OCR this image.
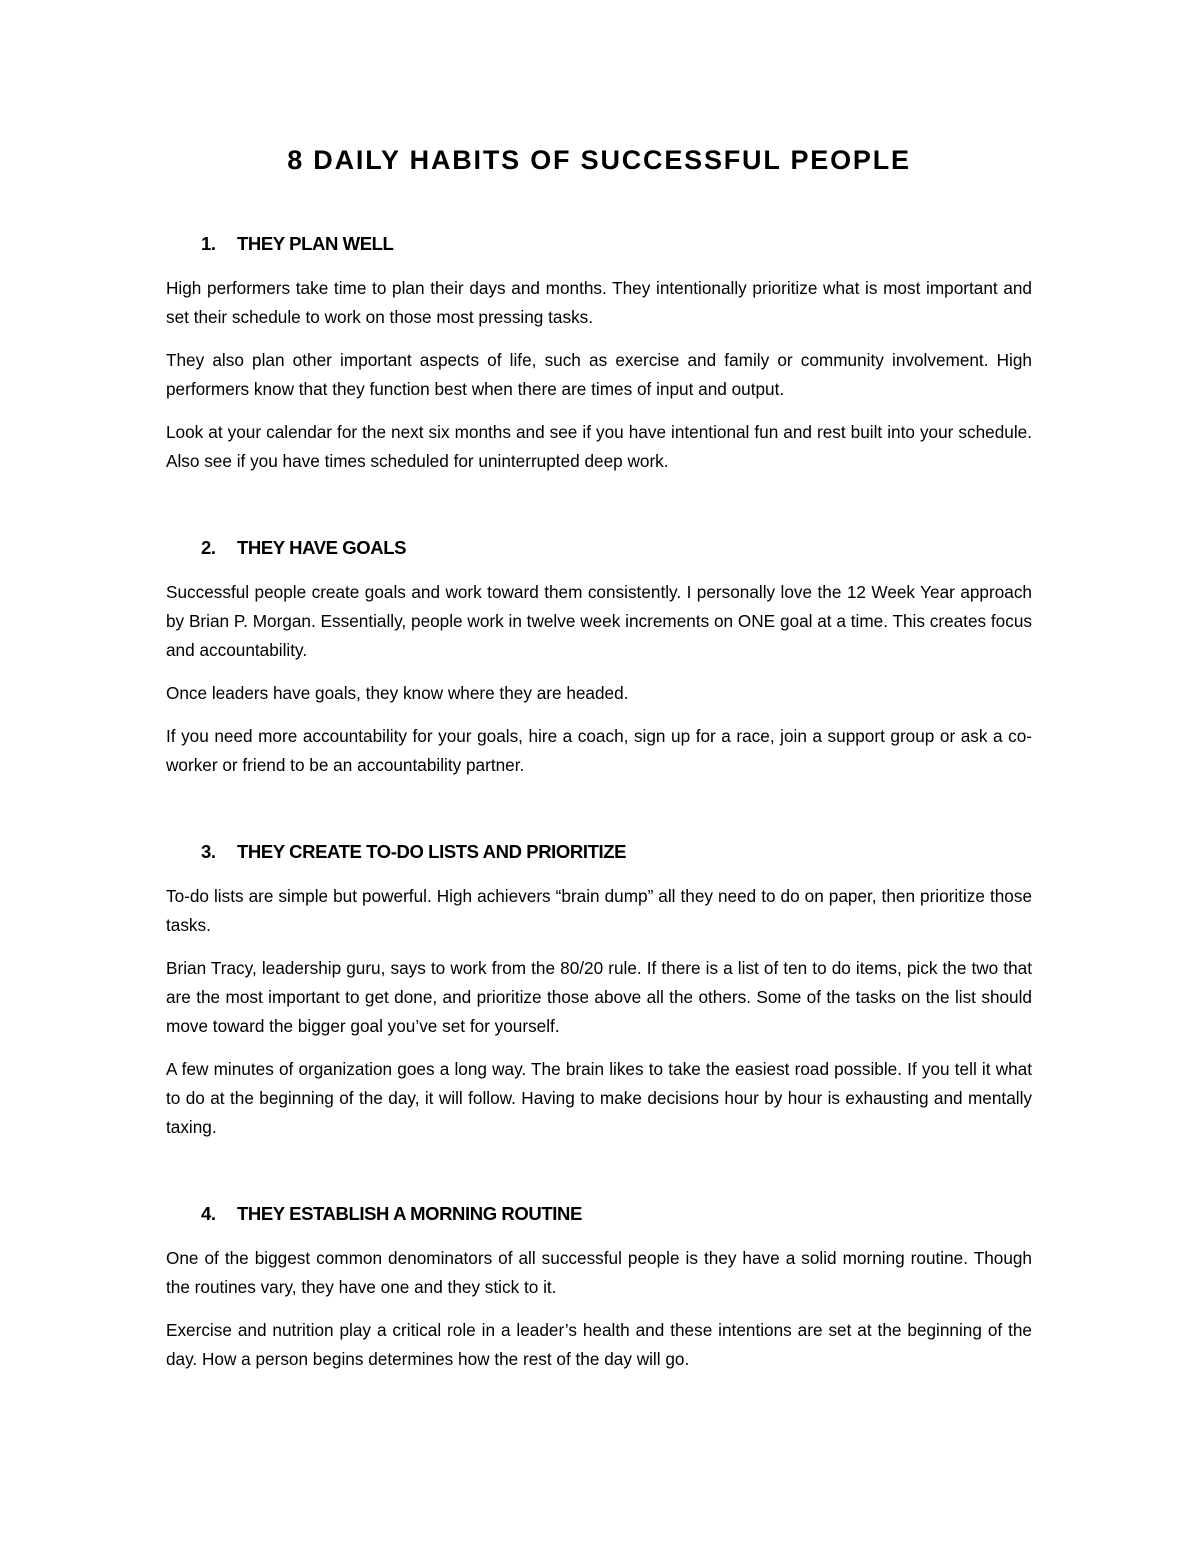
8 DAILY HABITS OF SUCCESSFUL PEOPLE
1. THEY PLAN WELL

High performers take time to plan their days and months. They intentionally prioritize what is most important and set their schedule to work on those most pressing tasks.

They also plan other important aspects of life, such as exercise and family or community involvement. High performers know that they function best when there are times of input and output.

Look at your calendar for the next six months and see if you have intentional fun and rest built into your schedule. Also see if you have times scheduled for uninterrupted deep work.

2. THEY HAVE GOALS

Successful people create goals and work toward them consistently. I personally love the 12 Week Year approach by Brian P. Morgan. Essentially, people work in twelve week increments on ONE goal at a time. This creates focus and accountability.

Once leaders have goals, they know where they are headed.

If you need more accountability for your goals, hire a coach, sign up for a race, join a support group or ask a co-worker or friend to be an accountability partner.

3. THEY CREATE TO-DO LISTS AND PRIORITIZE

To-do lists are simple but powerful. High achievers “brain dump” all they need to do on paper, then prioritize those tasks.

Brian Tracy, leadership guru, says to work from the 80/20 rule. If there is a list of ten to do items, pick the two that are the most important to get done, and prioritize those above all the others. Some of the tasks on the list should move toward the bigger goal you’ve set for yourself.

A few minutes of organization goes a long way. The brain likes to take the easiest road possible. If you tell it what to do at the beginning of the day, it will follow. Having to make decisions hour by hour is exhausting and mentally taxing.

4. THEY ESTABLISH A MORNING ROUTINE

One of the biggest common denominators of all successful people is they have a solid morning routine. Though the routines vary, they have one and they stick to it.

Exercise and nutrition play a critical role in a leader’s health and these intentions are set at the beginning of the day. How a person begins determines how the rest of the day will go.
